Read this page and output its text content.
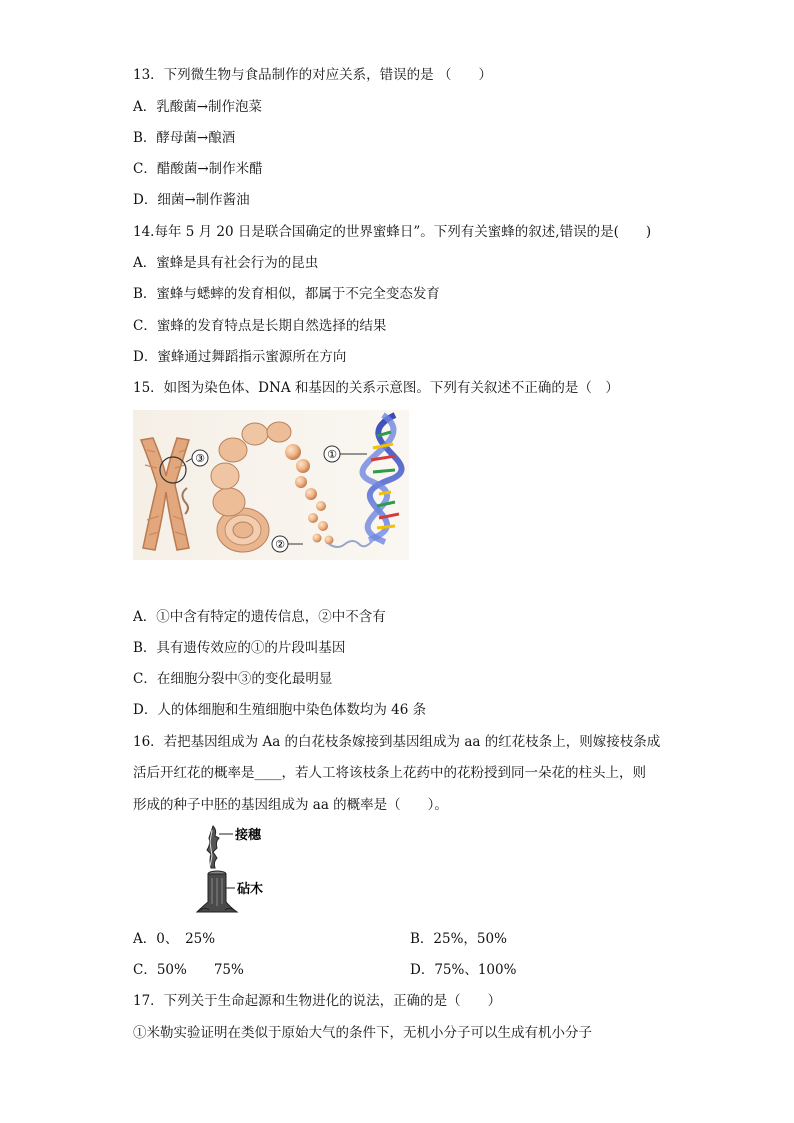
13．下列微生物与食品制作的对应关系，错误的是 （　　）
A．乳酸菌→制作泡菜
B．酵母菌→酿酒
C．醋酸菌→制作米醋
D．细菌→制作酱油
14.每年 5 月 20 日是联合国确定的世界蜜蜂日”。下列有关蜜蜂的叙述,错误的是(　　)
A．蜜蜂是具有社会行为的昆虫
B．蜜蜂与蟋蟀的发育相似，都属于不完全变态发育
C．蜜蜂的发育特点是长期自然选择的结果
D．蜜蜂通过舞蹈指示蜜源所在方向
15．如图为染色体、DNA 和基因的关系示意图。下列有关叙述不正确的是（　）
③
②
①
A．①中含有特定的遗传信息，②中不含有
B．具有遗传效应的①的片段叫基因
C．在细胞分裂中③的变化最明显
D．人的体细胞和生殖细胞中染色体数均为 46 条
16．若把基因组成为 Aa 的白花枝条嫁接到基因组成为 aa 的红花枝条上，则嫁接枝条成
活后开红花的概率是____，若人工将该枝条上花药中的花粉授到同一朵花的柱头上，则
形成的种子中胚的基因组成为 aa 的概率是（　　）。
接穗
砧木
A．0、　25%	B．25%，50%
C．50%　　75%	D．75%、100%
17．下列关于生命起源和生物进化的说法，正确的是（　　）
①米勒实验证明在类似于原始大气的条件下，无机小分子可以生成有机小分子
